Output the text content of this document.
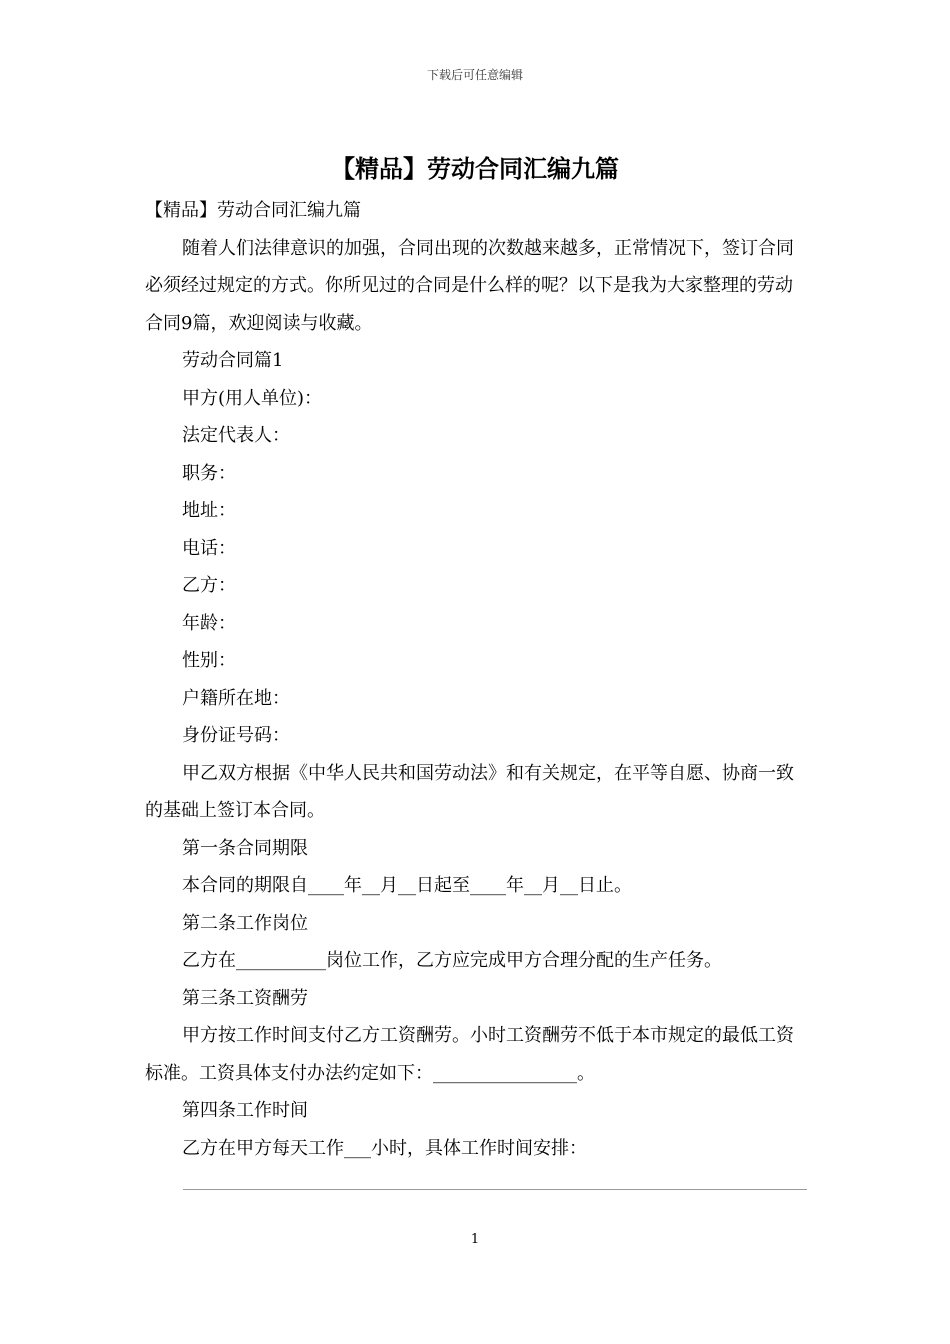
下载后可任意编辑
【精品】劳动合同汇编九篇

【精品】劳动合同汇编九篇

随着人们法律意识的加强，合同出现的次数越来越多，正常情况下，签订合同必须经过规定的方式。你所见过的合同是什么样的呢？以下是我为大家整理的劳动合同9篇，欢迎阅读与收藏。

劳动合同篇1

甲方(用人单位)：

法定代表人：

职务：

地址：

电话：

乙方：

年龄：

性别：

户籍所在地：

身份证号码：

甲乙双方根据《中华人民共和国劳动法》和有关规定，在平等自愿、协商一致的基础上签订本合同。

第一条合同期限

本合同的期限自____年__月__日起至____年__月__日止。

第二条工作岗位

乙方在__________岗位工作，乙方应完成甲方合理分配的生产任务。

第三条工资酬劳

甲方按工作时间支付乙方工资酬劳。小时工资酬劳不低于本市规定的最低工资标准。工资具体支付办法约定如下：________________。

第四条工作时间

乙方在甲方每天工作___小时，具体工作时间安排：

1
